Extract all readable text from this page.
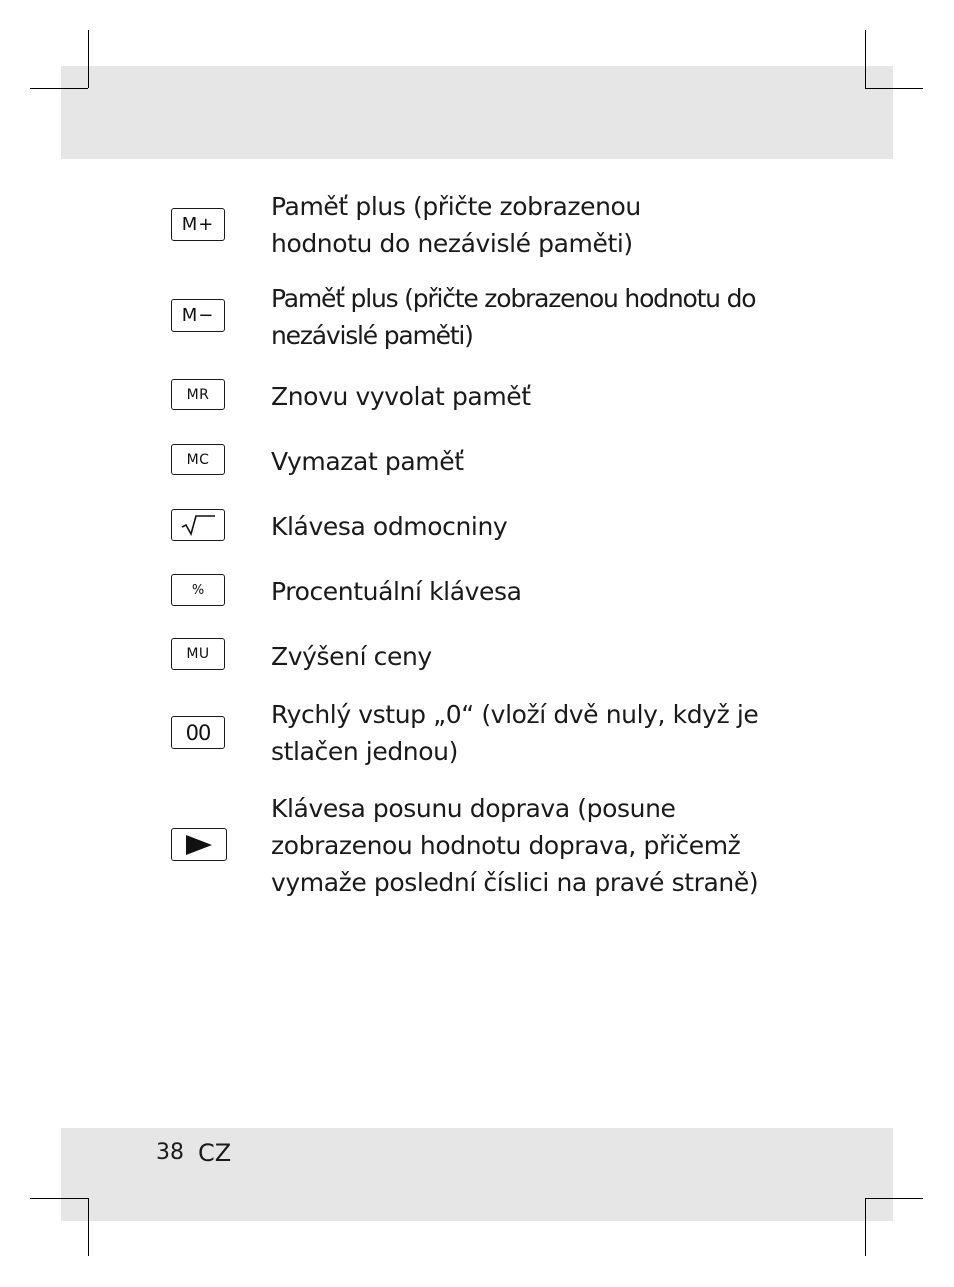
M+

Paměť plus (přičte zobrazenou hodnotu do nezávislé paměti)

M−

Paměť plus (přičte zobrazenou hodnotu do nezávislé paměti)

MR Znovu vyvolat paměť

MC Vymazat paměť

Klávesa odmocniny

%	Procentuální klávesa

MU Zvýšení ceny

00

Rychlý vstup „0“ (vloží dvě nuly, když je stlačen jednou)

Klávesa posunu doprava (posune zobrazenou hodnotu doprava, přičemž vymaže poslední číslici na pravé straně)

38 CZ
